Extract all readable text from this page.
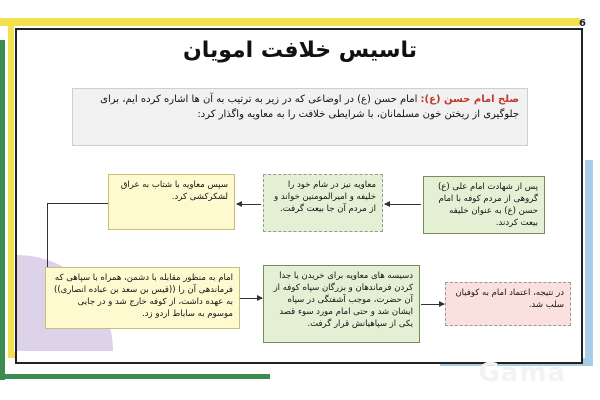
6
تاسیس خلافت امویان
صلح امام حسن (ع): امام حسن (ع) در اوضاعی که در زیر به ترتیب به آن ها اشاره کرده ایم، برای جلوگیری از ریختن خون مسلمانان، با شرایطی خلافت را به معاویه واگذار کرد:
پس از شهادت امام علی (ع) گروهی از مردم کوفه با امام حسن (ع) به عنوان خلیفه بیعت کردند.
معاویه نیز در شام خود را خلیفه و امیرالمومنین خواند و از مردم آن جا بیعت گرفت.
سپس معاویه با شتاب به عراق لشکرکشی کرد.
امام به منظور مقابله با دشمن، همراه با سپاهی که فرماندهی آن را ((قیس بن سعد بن عباده انصاری)) به عهده داشت، از کوفه خارج شد و در جایی موسوم به ساباط اردو زد.
دسیسه های معاویه برای خریدن یا جدا کردن فرماندهان و بزرگان سپاه کوفه از آن حضرت، موجب آشفتگی در سپاه ایشان شد و حتی امام مورد سوء قصد یکی از سپاهیانش قرار گرفت.
در نتیجه، اعتماد امام به کوفیان سلب شد.
Gama
